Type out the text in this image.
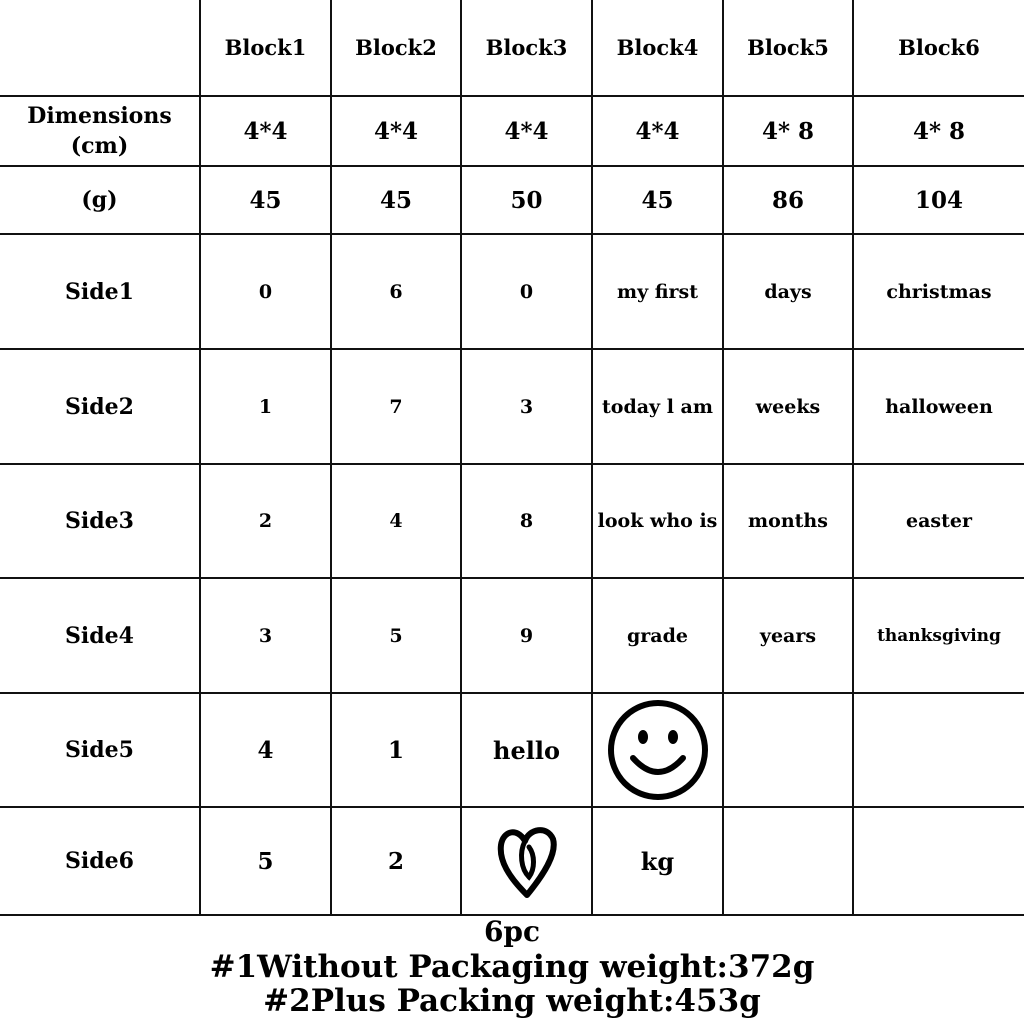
	Block1	Block2	Block3	Block4	Block5	Block6
Dimensions
(cm)	4*4	4*4	4*4	4*4	4* 8	4* 8
(g)	45	45	50	45	86	104
Side1	0	6	0	my first	days	christmas
Side2	1	7	3	today l am	weeks	halloween
Side3	2	4	8	look who is	months	easter
Side4	3	5	9	grade	years	thanksgiving
Side5	4	1	hello	

Side6	5	2		kg		
6pc
#1Without Packaging weight:372g
#2Plus Packing weight:453g
